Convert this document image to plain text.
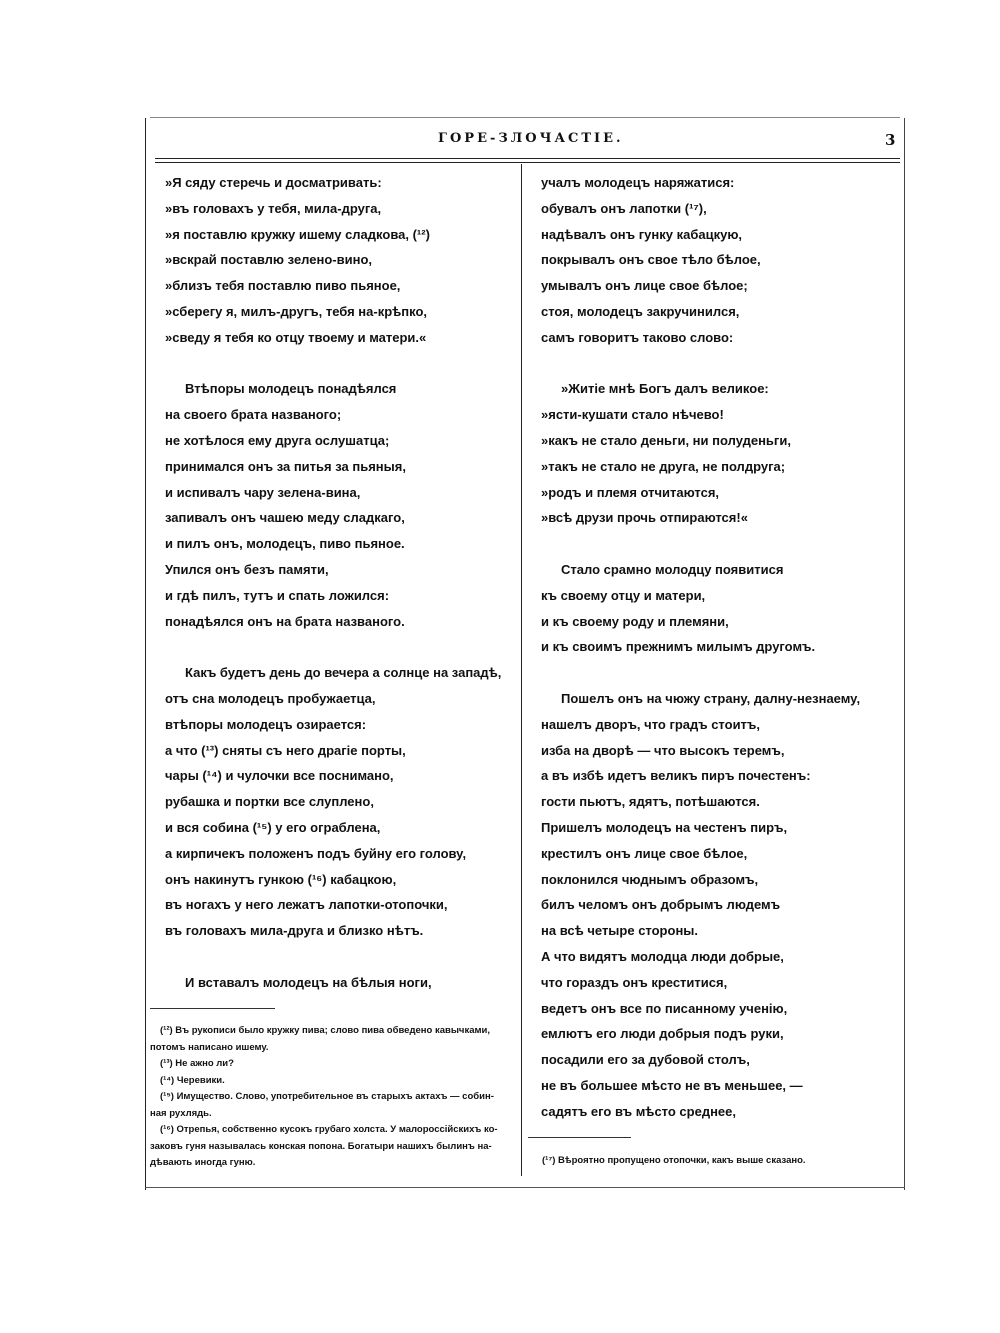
ГОРЕ-ЗЛОЧАСТІЕ.	3
»Я сяду стеречь и досматривать:
»въ головахъ у тебя, мила-друга,
»я поставлю кружку ишему сладкова, (¹²)
»вскрай поставлю зелено-вино,
»близъ тебя поставлю пиво пьяное,
»сберегу я, милъ-другъ, тебя на-крѣпко,
»сведу я тебя ко отцу твоему и матери.«
Втѣпоры молодецъ понадѣялся
на своего брата названого;
не хотѣлося ему друга ослушатца;
принимался онъ за питья за пьяныя,
и испивалъ чару зелена-вина,
запивалъ онъ чашею меду сладкаго,
и пилъ онъ, молодецъ, пиво пьяное.
Упился онъ безъ памяти,
и гдѣ пилъ, тутъ и спать ложился:
понадѣялся онъ на брата названого.
Какъ будетъ день до вечера а солнце на западѣ,
отъ сна молодецъ пробужаетца,
втѣпоры молодецъ озирается:
а что (¹³) сняты съ него драгіе порты,
чары (¹⁴) и чулочки все поснимано,
рубашка и портки все слуплено,
и вся собина (¹⁵) у его ограблена,
а кирпичекъ положенъ подъ буйну его голову,
онъ накинутъ гункою (¹⁶) кабацкою,
въ ногахъ у него лежатъ лапотки-отопочки,
въ головахъ мила-друга и близко нѣтъ.
И вставалъ молодецъ на бѣлыя ноги,
учалъ молодецъ наряжатися:
обувалъ онъ лапотки (¹⁷),
надѣвалъ онъ гунку кабацкую,
покрывалъ онъ свое тѣло бѣлое,
умывалъ онъ лице свое бѣлое;
стоя, молодецъ закручинился,
самъ говоритъ таково слово:
»Житіе мнѣ Богъ далъ великое:
»ясти-кушати стало нѣчево!
»какъ не стало деньги, ни полуденьги,
»такъ не стало не друга, не полдруга;
»родъ и племя отчитаются,
»всѣ друзи прочь отпираются!«
Стало срамно молодцу появитися
къ своему отцу и матери,
и къ своему роду и племяни,
и къ своимъ прежнимъ милымъ другомъ.
Пошелъ онъ на чюжу страну, далну-незнаему,
нашелъ дворъ, что градъ стоитъ,
изба на дворѣ — что высокъ теремъ,
а въ избѣ идетъ великъ пиръ почестенъ:
гости пьютъ, ядятъ, потѣшаются.
Пришелъ молодецъ на честенъ пиръ,
крестилъ онъ лице свое бѣлое,
поклонился чюднымъ образомъ,
билъ челомъ онъ добрымъ людемъ
на всѣ четыре стороны.
А что видятъ молодца люди добрые,
что гораздъ онъ креститися,
ведетъ онъ все по писанному ученію,
емлютъ его люди добрыя подъ руки,
посадили его за дубовой столъ,
не въ большее мѣсто не въ меньшее, —
садятъ его въ мѣсто среднее,
(¹²) Въ рукописи было кружку пива; слово пива обведено кавычками,
потомъ написано ишему.
(¹³) Не ажно ли?
(¹⁴) Черевики.
(¹⁵) Имущество. Слово, употребительное въ старыхъ актахъ — собин-
ная рухлядь.
(¹⁶) Отрепья, собственно кусокъ грубаго холста. У малороссійскихъ ко-
заковъ гуня называлась конская попона. Богатыри нашихъ былинъ на-
дѣвають иногда гуню.	(¹⁷) Вѣроятно пропущено отопочки, какъ выше сказано.
